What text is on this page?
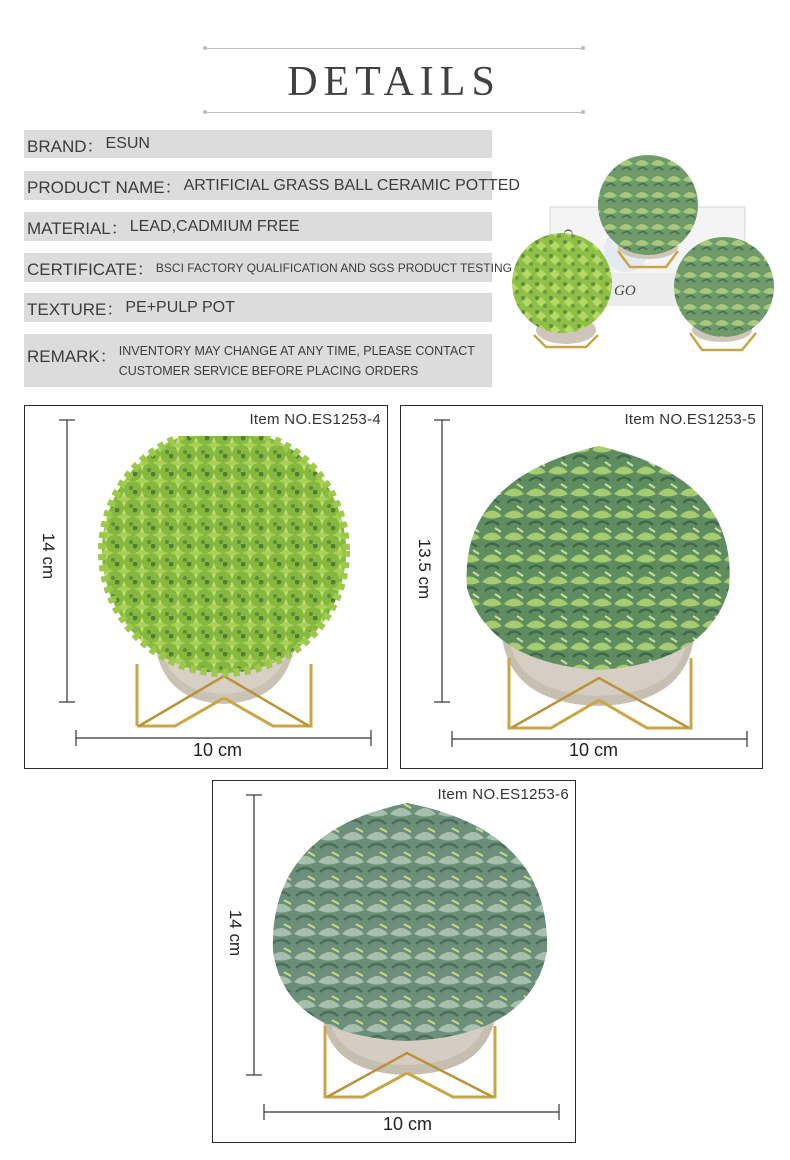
DETAILS
BRAND： ESUN
PRODUCT NAME： ARTIFICIAL GRASS BALL CERAMIC POTTED
MATERIAL： LEAD,CADMIUM FREE
CERTIFICATE： BSCI FACTORY QUALIFICATION AND SGS PRODUCT TESTING
TEXTURE： PE+PULP POT
REMARK： INVENTORY MAY CHANGE AT ANY TIME, PLEASE CONTACT
CUSTOMER SERVICE BEFORE PLACING ORDERS
GO
Item NO.ES1253-4
14 cm
10 cm
Item NO.ES1253-5
13.5 cm
10 cm
Item NO.ES1253-6
14 cm
10 cm
